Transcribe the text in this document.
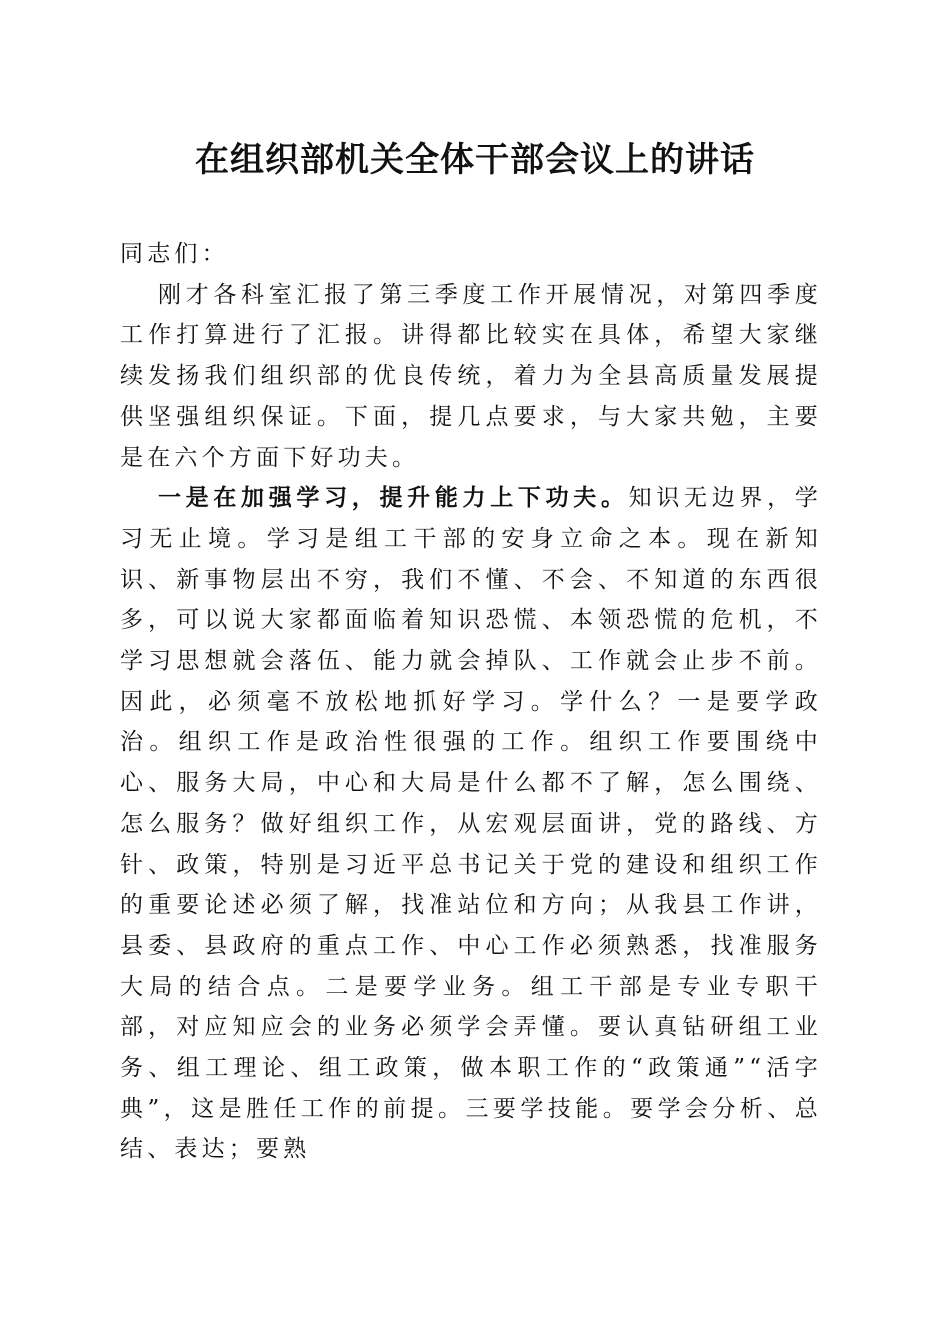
在组织部机关全体干部会议上的讲话

同志们：

刚才各科室汇报了第三季度工作开展情况，对第四季度工作打算进行了汇报。讲得都比较实在具体，希望大家继续发扬我们组织部的优良传统，着力为全县高质量发展提供坚强组织保证。下面，提几点要求，与大家共勉，主要是在六个方面下好功夫。

一是在加强学习，提升能力上下功夫。知识无边界，学习无止境。学习是组工干部的安身立命之本。现在新知识、新事物层出不穷，我们不懂、不会、不知道的东西很多，可以说大家都面临着知识恐慌、本领恐慌的危机，不学习思想就会落伍、能力就会掉队、工作就会止步不前。因此，必须毫不放松地抓好学习。学什么？一是要学政治。组织工作是政治性很强的工作。组织工作要围绕中心、服务大局，中心和大局是什么都不了解，怎么围绕、怎么服务？做好组织工作，从宏观层面讲，党的路线、方针、政策，特别是习近平总书记关于党的建设和组织工作的重要论述必须了解，找准站位和方向；从我县工作讲，县委、县政府的重点工作、中心工作必须熟悉，找准服务大局的结合点。二是要学业务。组工干部是专业专职干部，对应知应会的业务必须学会弄懂。要认真钻研组工业务、组工理论、组工政策，做本职工作的“政策通”“活字典”，这是胜任工作的前提。三要学技能。要学会分析、总结、表达；要熟
